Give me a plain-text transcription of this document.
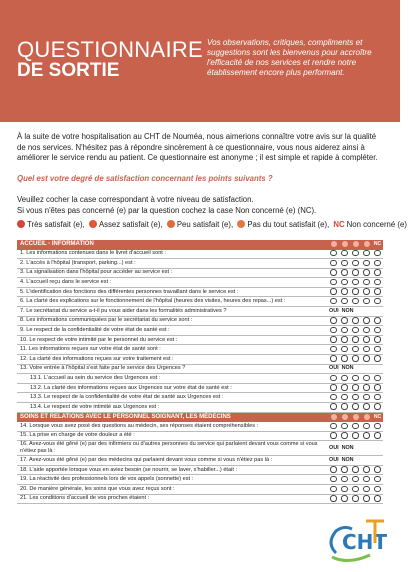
QUESTIONNAIRE
DE SORTIE
Vos observations, critiques, compliments et suggestions sont les bienvenus pour accroître l'efficacité de nos services et rendre notre établissement encore plus performant.
À la suite de votre hospitalisation au CHT de Nouméa, nous aimerions connaître votre avis sur la qualité de nos services. N'hésitez pas à répondre sincèrement à ce questionnaire, vous nous aiderez ainsi à améliorer le service rendu au patient. Ce questionnaire est anonyme ; il est simple et rapide à compléter.
Quel est votre degré de satisfaction concernant les points suivants ?
Veuillez cocher la case correspondant à votre niveau de satisfaction.
Si vous n'êtes pas concerné (e) par la question cochez la case Non concerné (e) (NC).
Très satisfait (e), Assez satisfait (e), Peu satisfait (e), Pas du tout satisfait (e), NC Non concerné (e)
ACCUEIL - INFORMATION					NC
1. Les informations contenues dans le livret d'accueil sont :					
2. L'accès à l'hôpital (transport, parking...) est :					
3. La signalisation dans l'hôpital pour accéder au service est :					
4. L'accueil reçu dans le service est :					
5. L'identification des fonctions des différentes personnes travaillant dans le service est :					
6. La clarté des explications sur le fonctionnement de l'hôpital (heures des visites, heures des repas...) est :					
7. Le secrétariat du service a-t-il pu vous aider dans les formalités administratives ?	OUI NON				
8. Les informations communiquées par le secrétariat du service sont :					
9. Le respect de la confidentialité de votre état de santé est :					
10. Le respect de votre intimité par le personnel du service est :					
11. Les informations reçues sur votre état de santé sont :					
12. La clarté des informations reçues sur votre traitement est :					
13. Votre entrée à l'hôpital s'est faite par le service des Urgences ?	OUI NON				
13.1. L'accueil au sein du service des Urgences est :					
13.2. La clarté des informations reçues aux Urgences sur votre état de santé est :					
13.3. Le respect de la confidentialité de votre état de santé aux Urgences est :					
13.4. Le respect de votre intimité aux Urgences est :					
SOINS ET RELATIONS AVEC LE PERSONNEL SOIGNANT, LES MÉDECINS					NC
14. Lorsque vous avez posé des questions au médecin, ses réponses étaient compréhensibles :					
15. La prise en charge de votre douleur a été :					
16. Avez-vous été gêné (e) par des infirmiers ou d'autres personnes du service qui parlaient devant vous comme si vous n'étiez pas là :	OUI NON				
17. Avez-vous été gêné (e) par des médecins qui parlaient devant vous comme si vous n'étiez pas là :	OUI NON				
18. L'aide apportée lorsque vous en aviez besoin (se nourrir, se laver, s'habiller...) était :					
19. La réactivité des professionnels lors de vos appels (sonnette) est :					
20. De manière générale, les soins que vous avez reçus sont :					
21. Les conditions d'accueil de vos proches étaient :					
CHT
